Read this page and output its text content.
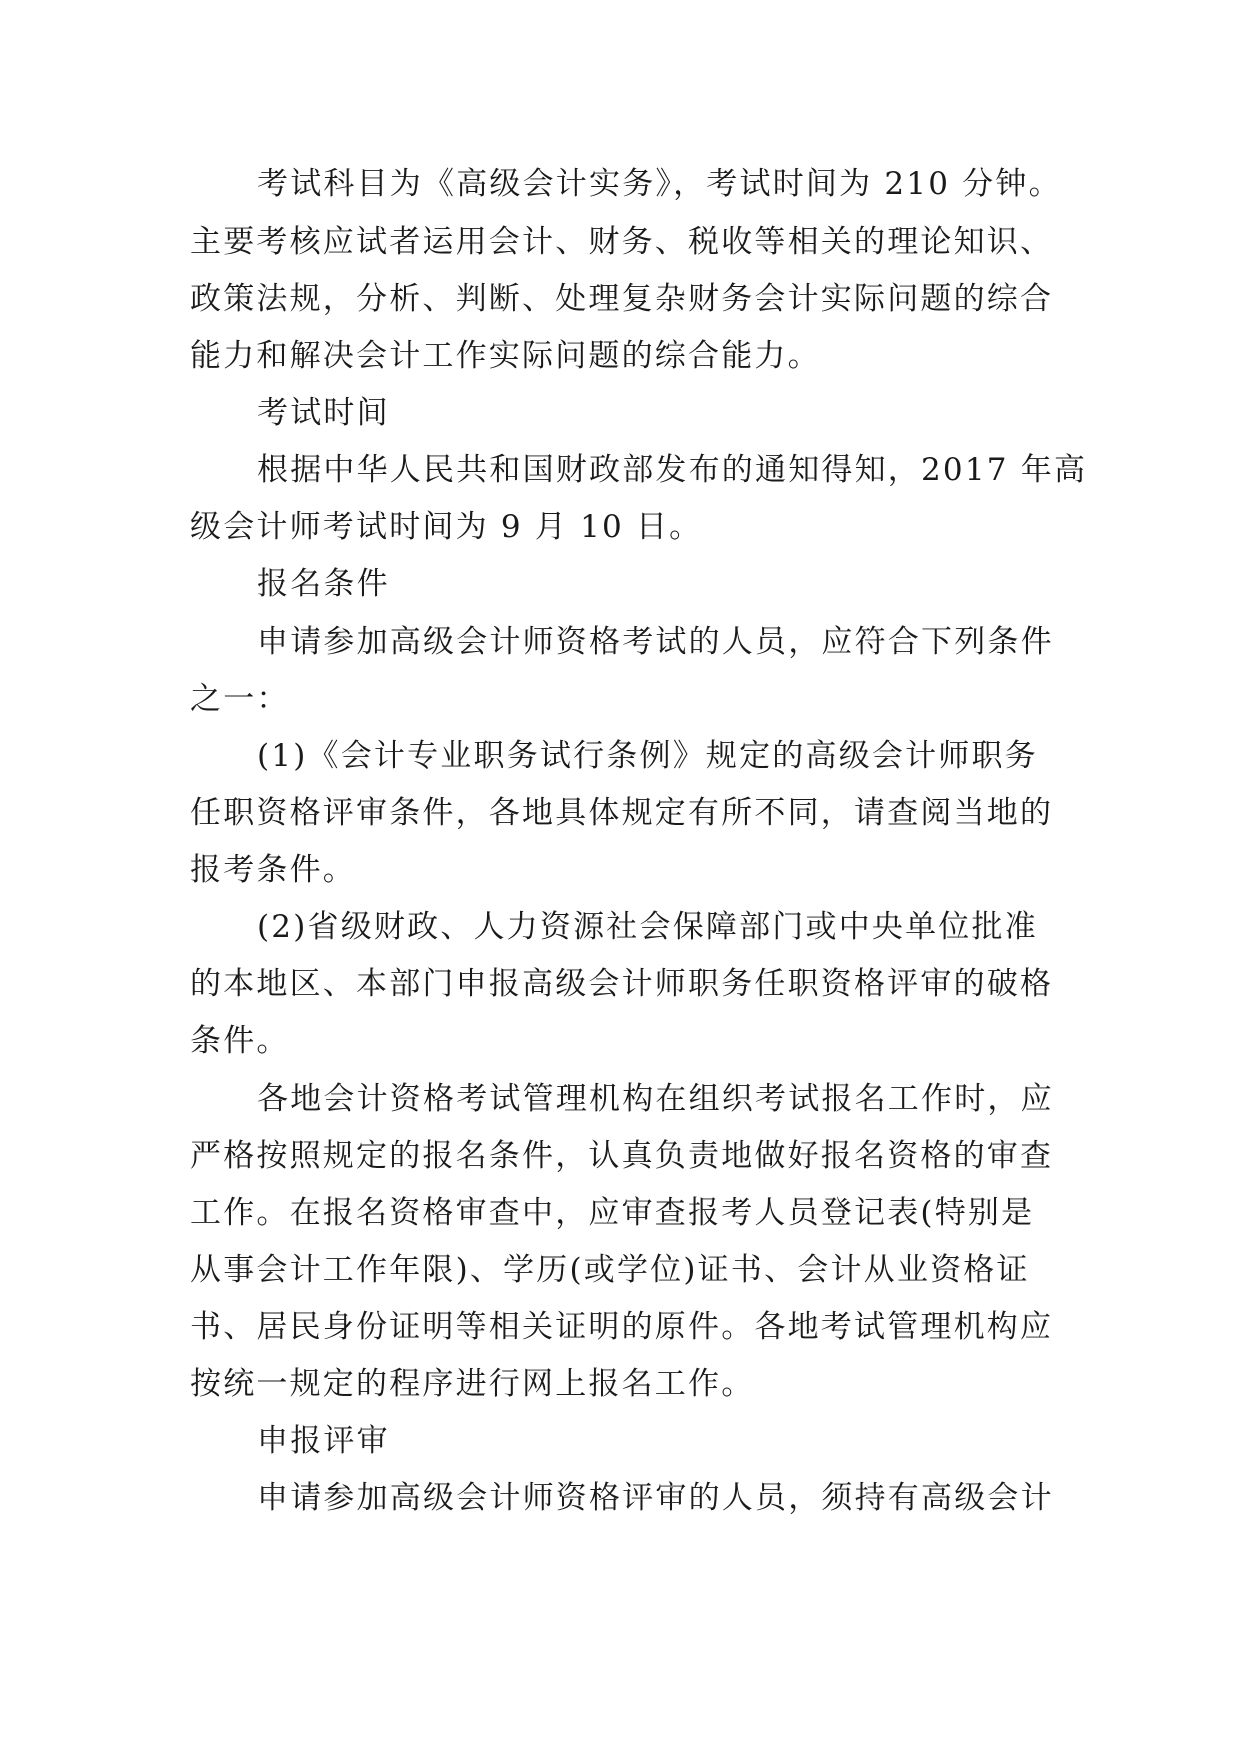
考试科目为《高级会计实务》，考试时间为 210 分钟。
主要考核应试者运用会计、财务、税收等相关的理论知识、
政策法规，分析、判断、处理复杂财务会计实际问题的综合
能力和解决会计工作实际问题的综合能力。
考试时间
根据中华人民共和国财政部发布的通知得知，2017 年高
级会计师考试时间为 9 月 10 日。
报名条件
申请参加高级会计师资格考试的人员，应符合下列条件
之一：
(1)《会计专业职务试行条例》规定的高级会计师职务
任职资格评审条件，各地具体规定有所不同，请查阅当地的
报考条件。
(2)省级财政、人力资源社会保障部门或中央单位批准
的本地区、本部门申报高级会计师职务任职资格评审的破格
条件。
各地会计资格考试管理机构在组织考试报名工作时，应
严格按照规定的报名条件，认真负责地做好报名资格的审查
工作。在报名资格审查中，应审查报考人员登记表(特别是
从事会计工作年限)、学历(或学位)证书、会计从业资格证
书、居民身份证明等相关证明的原件。各地考试管理机构应
按统一规定的程序进行网上报名工作。
申报评审
申请参加高级会计师资格评审的人员，须持有高级会计
